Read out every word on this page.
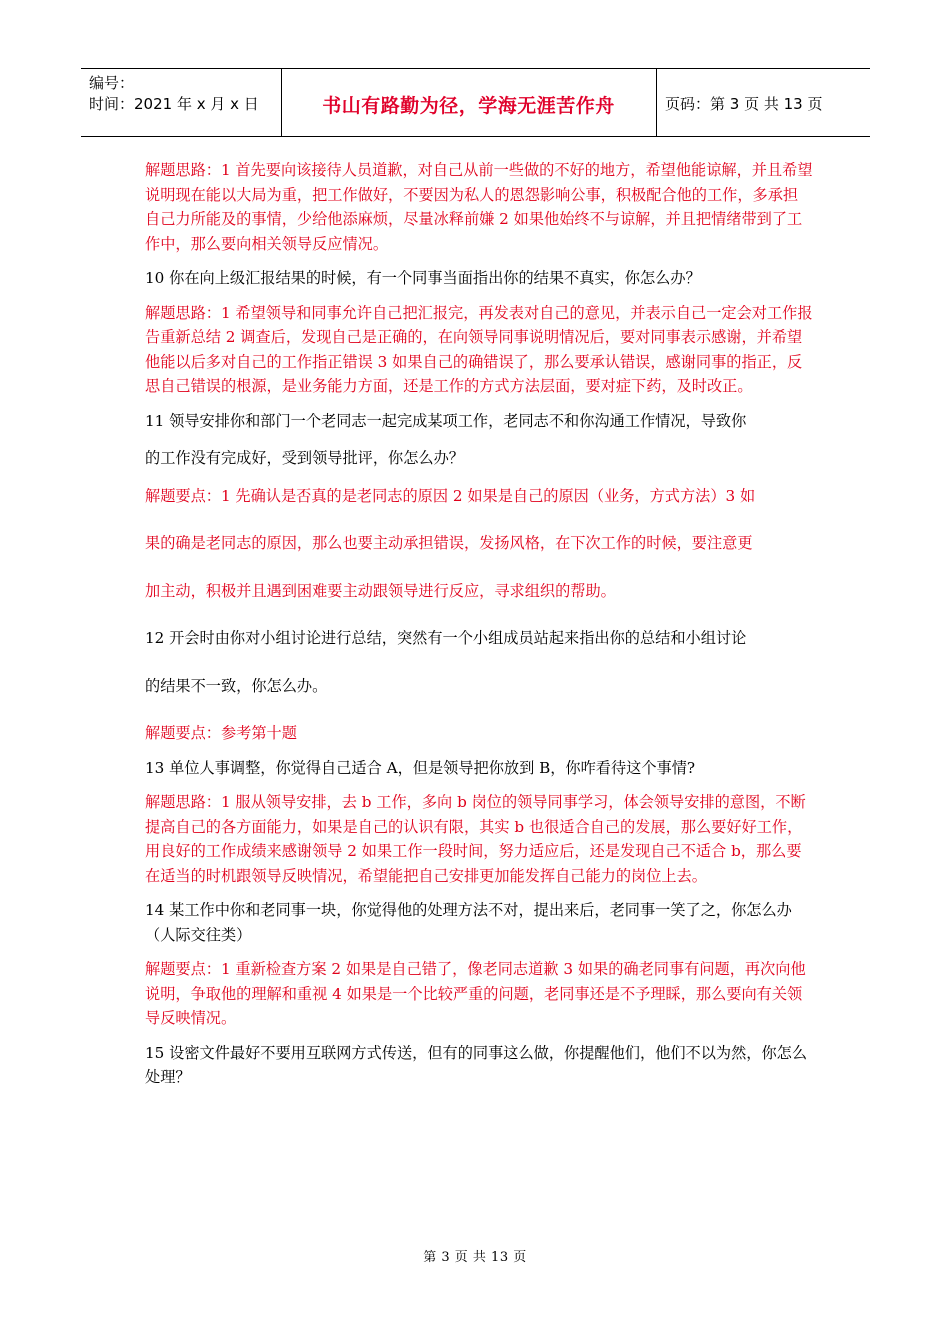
编号：
时间：2021 年 x 月 x 日	书山有路勤为径，学海无涯苦作舟	页码：第 3 页 共 13 页

解题思路：1 首先要向该接待人员道歉，对自己从前一些做的不好的地方，希望他能谅解，并且希望说明现在能以大局为重，把工作做好，不要因为私人的恩怨影响公事，积极配合他的工作，多承担自己力所能及的事情，少给他添麻烦，尽量冰释前嫌 2 如果他始终不与谅解，并且把情绪带到了工作中，那么要向相关领导反应情况。

10 你在向上级汇报结果的时候，有一个同事当面指出你的结果不真实，你怎么办？

解题思路：1 希望领导和同事允许自己把汇报完，再发表对自己的意见，并表示自己一定会对工作报告重新总结 2 调查后，发现自己是正确的，在向领导同事说明情况后，要对同事表示感谢，并希望他能以后多对自己的工作指正错误 3 如果自己的确错误了，那么要承认错误，感谢同事的指正，反思自己错误的根源，是业务能力方面，还是工作的方式方法层面，要对症下药，及时改正。

11 领导安排你和部门一个老同志一起完成某项工作，老同志不和你沟通工作情况，导致你

的工作没有完成好，受到领导批评，你怎么办？

解题要点：1 先确认是否真的是老同志的原因 2 如果是自己的原因（业务，方式方法）3 如

果的确是老同志的原因，那么也要主动承担错误，发扬风格，在下次工作的时候，要注意更

加主动，积极并且遇到困难要主动跟领导进行反应，寻求组织的帮助。

12 开会时由你对小组讨论进行总结，突然有一个小组成员站起来指出你的总结和小组讨论

的结果不一致，你怎么办。

解题要点：参考第十题

13 单位人事调整，你觉得自己适合 A，但是领导把你放到 B，你咋看待这个事情?

解题思路：1 服从领导安排，去 b 工作，多向 b 岗位的领导同事学习，体会领导安排的意图，不断提高自己的各方面能力，如果是自己的认识有限，其实 b 也很适合自己的发展，那么要好好工作，用良好的工作成绩来感谢领导 2 如果工作一段时间，努力适应后，还是发现自己不适合 b，那么要在适当的时机跟领导反映情况，希望能把自己安排更加能发挥自己能力的岗位上去。

14 某工作中你和老同事一块，你觉得他的处理方法不对，提出来后，老同事一笑了之，你怎么办（人际交往类）

解题要点：1 重新检查方案 2 如果是自己错了，像老同志道歉 3 如果的确老同事有问题，再次向他说明，争取他的理解和重视 4 如果是一个比较严重的问题，老同事还是不予理睬，那么要向有关领导反映情况。

15 设密文件最好不要用互联网方式传送，但有的同事这么做，你提醒他们，他们不以为然，你怎么处理？

第 3 页 共 13 页
